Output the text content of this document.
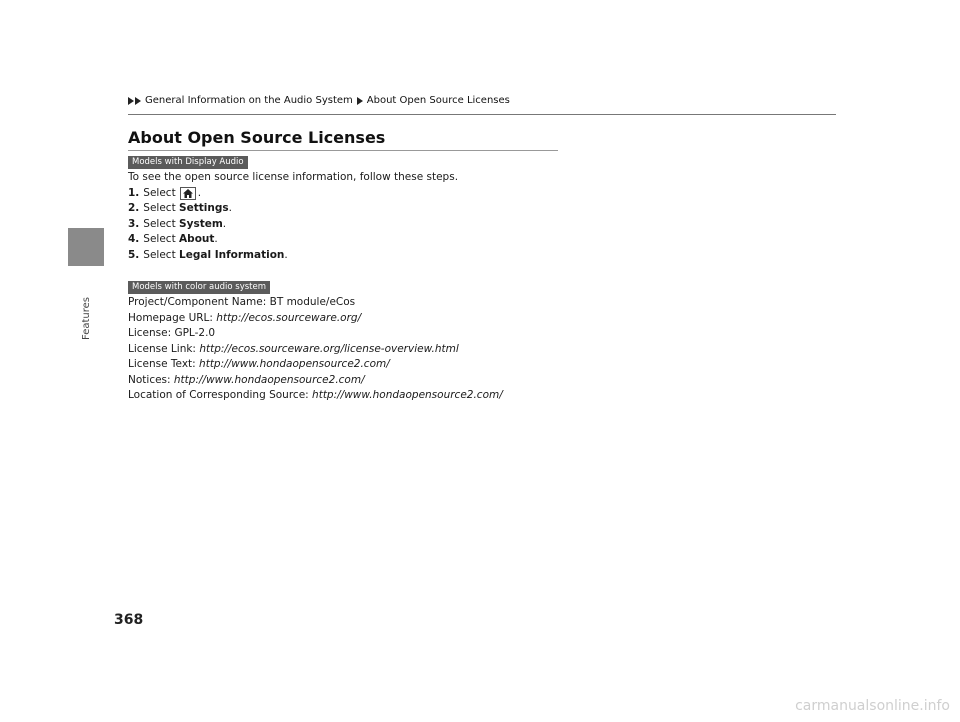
Features
General Information on the Audio System About Open Source Licenses
About Open Source Licenses
Models with Display Audio
To see the open source license information, follow these steps.
1. Select .
2. Select
Settings .
3. Select
System .
4. Select
About .
5. Select
Legal Information .
Models with color audio system
Project/Component Name: BT module/eCos
Homepage URL:
http://ecos.sourceware.org/
License: GPL-2.0
License Link:
http://ecos.sourceware.org/license-overview.html
License Text:
http://www.hondaopensource2.com/
Notices:
http://www.hondaopensource2.com/
Location of Corresponding Source:
http://www.hondaopensource2.com/
368
carmanualsonline.info
